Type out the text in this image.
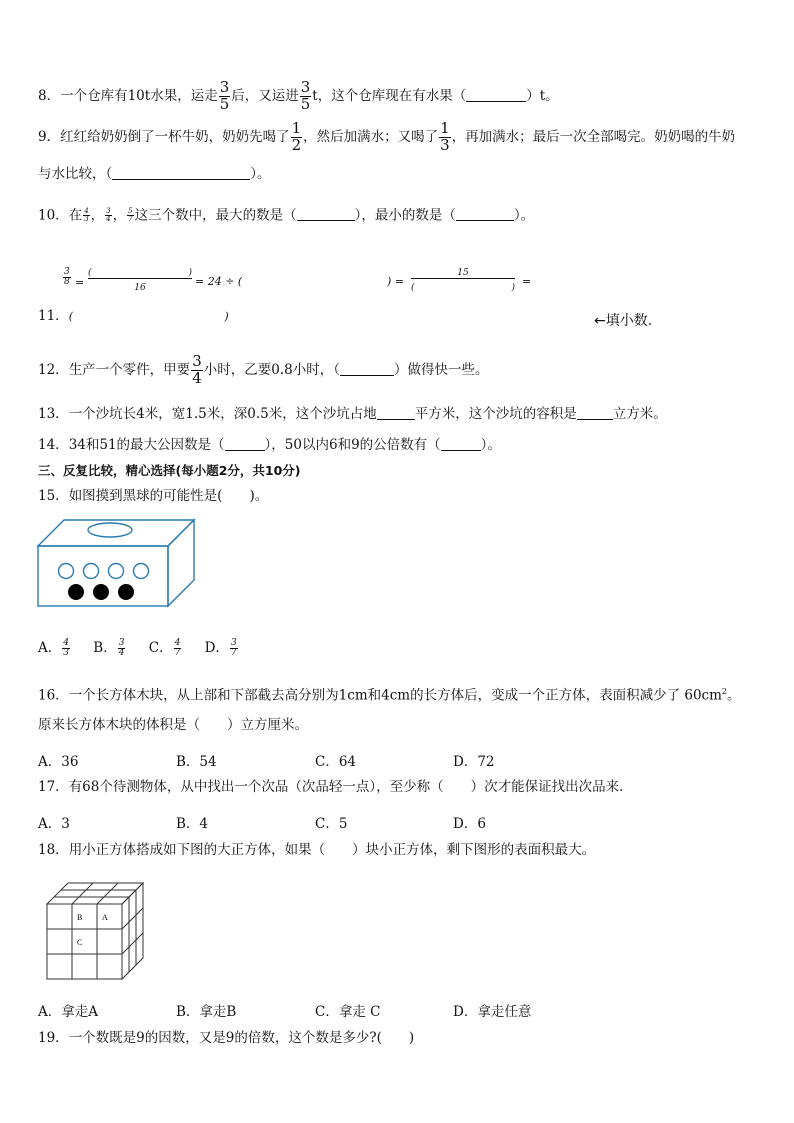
8．一个仓库有10t水果，运走 $\frac{3}{5}$ 后，又运进 $\frac{3}{5}$ t，这个仓库现在有水果（	）t。
9．红红给奶奶倒了一杯牛奶，奶奶先喝了 $\frac{1}{2}$ ，然后加满水；又喝了 $\frac{1}{3}$ ，再加满水；最后一次全部喝完。奶奶喝的牛奶
与水比较，（	）。
10．在 $\frac{4}{3}$ ， $\frac{3}{4}$ ， $\frac{5}{7}$ 这三个数中，最大的数是（	），最小的数是（	）。
$\frac{3}{8}$ =
(	)
16	= 24 ÷ (	) =
15
(	) =
11．(	)	←填小数.
12．生产一个零件，甲要 $\frac{3}{4}$ 小时，乙要0.8小时，（	）做得快一些。
13．一个沙坑长4米，宽1.5米，深0.5米，这个沙坑占地	平方米，这个沙坑的容积是	立方米。
14．34和51的最大公因数是（	），50以内6和9的公倍数有（	）。
三、反复比较，精心选择(每小题2分，共10分)
15．如图摸到黑球的可能性是(　　)。
A． $\frac{4}{3}$ B． $\frac{3}{4}$ C． $\frac{4}{7}$ D． $\frac{3}{7}$
16．一个长方体木块，从上部和下部截去高分别为1cm和4cm的长方体后，变成一个正方体，表面积减少了 $60cm^2$。
原来长方体木块的体积是（　　）立方厘米。
A．36	B．54	C．64	D．72
17．有68个待测物体，从中找出一个次品（次品轻一点），至少称（　　）次才能保证找出次品来．
A．3	B．4	C．5	D．6
18．用小正方体搭成如下图的大正方体，如果（　　）块小正方体，剩下图形的表面积最大。
B A
C
A．拿走A	B．拿走B	C．拿走 C	D．拿走任意
19．一个数既是9的因数，又是9的倍数，这个数是多少?(　　)
